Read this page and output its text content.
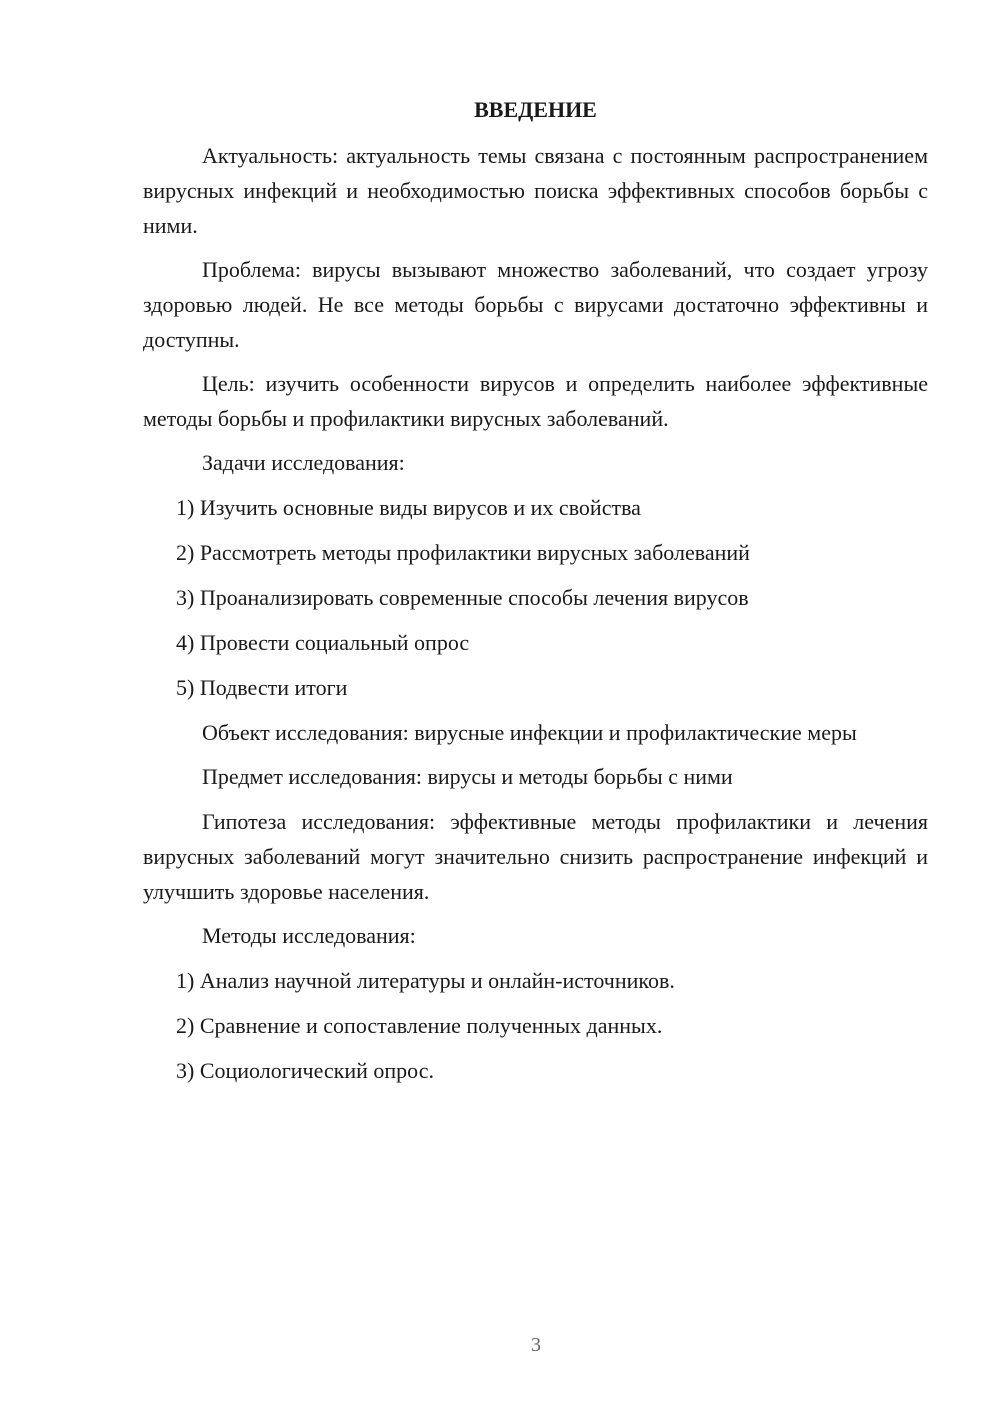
ВВЕДЕНИЕ

Актуальность: актуальность темы связана с постоянным распространением вирусных инфекций и необходимостью поиска эффективных способов борьбы с ними.

Проблема: вирусы вызывают множество заболеваний, что создает угрозу здоровью людей. Не все методы борьбы с вирусами достаточно эффективны и доступны.

Цель: изучить особенности вирусов и определить наиболее эффективные методы борьбы и профилактики вирусных заболеваний.

Задачи исследования:

1) Изучить основные виды вирусов и их свойства
2) Рассмотреть методы профилактики вирусных заболеваний
3) Проанализировать современные способы лечения вирусов
4) Провести социальный опрос
5) Подвести итоги

Объект исследования: вирусные инфекции и профилактические меры

Предмет исследования: вирусы и методы борьбы с ними

Гипотеза исследования: эффективные методы профилактики и лечения вирусных заболеваний могут значительно снизить распространение инфекций и улучшить здоровье населения.

Методы исследования:

1) Анализ научной литературы и онлайн-источников.
2) Сравнение и сопоставление полученных данных.
3) Социологический опрос.
3
